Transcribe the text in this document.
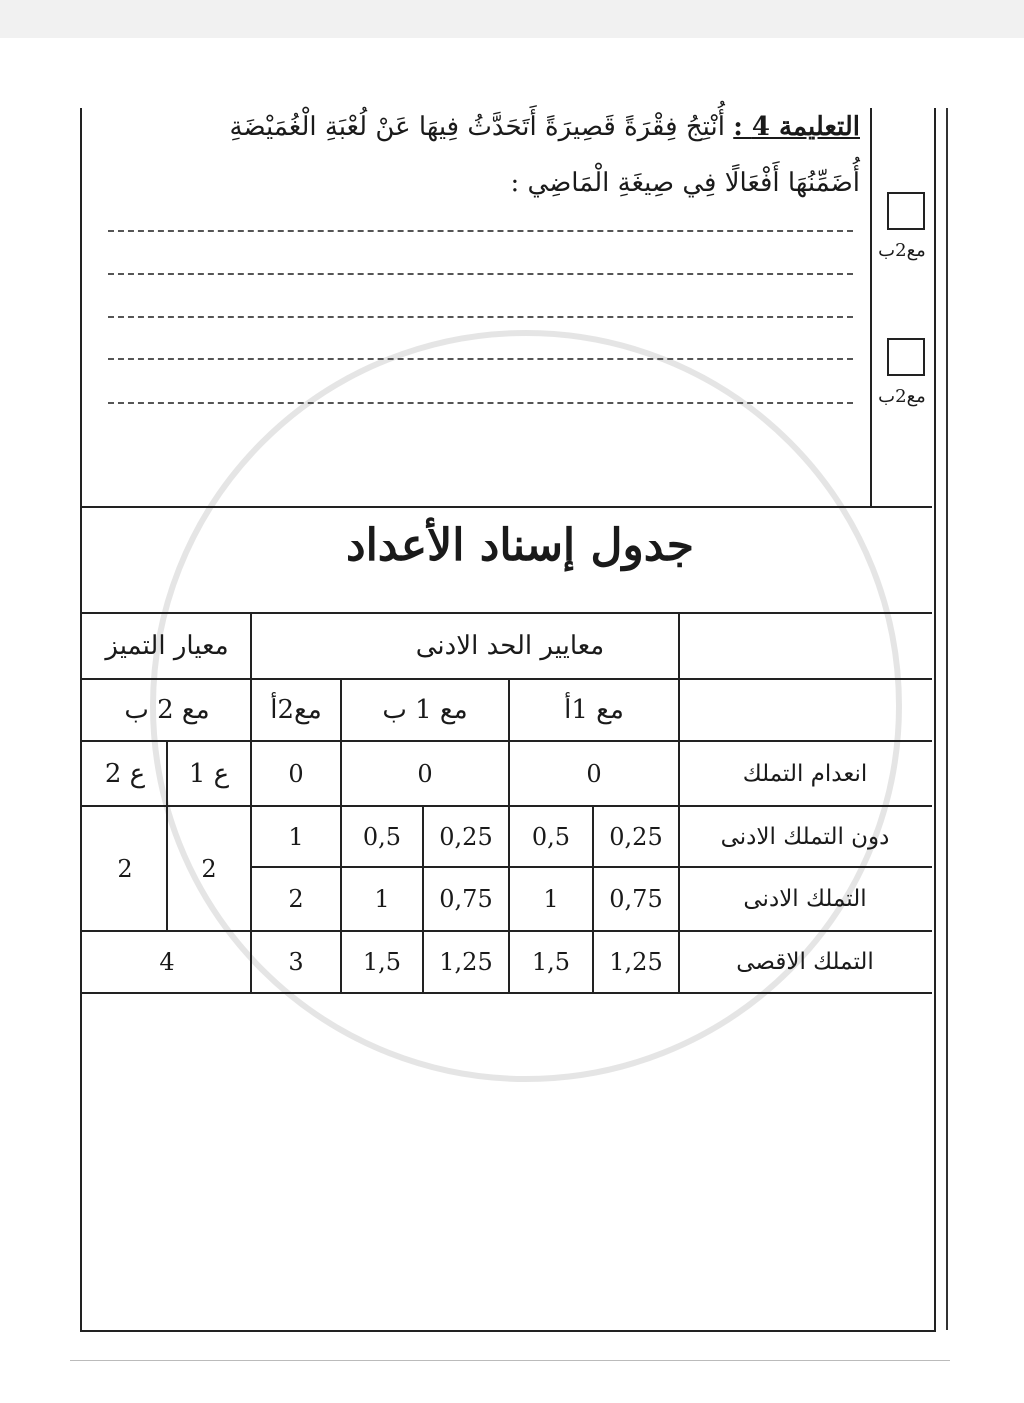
التعليمة 4 : أُنْتِجُ فِقْرَةً قَصِيرَةً أَتَحَدَّثُ فِيهَا عَنْ لُعْبَةِ الْغُمَيْضَةِ
أُضَمِّنُهَا أَفْعَالًا فِي صِيغَةِ الْمَاضِي :
مع2ب
مع2ب
جدول إسناد الأعداد
معايير الحد الادنى
معيار التميز
مع 1أ
مع 1 ب
مع2أ
مع 2 ب
انعدام التملك
0
0
0
ع 1
ع 2
دون التملك الادنى
0,25
0,5
0,25
0,5
1
2
2
التملك الادنى
0,75
1
0,75
1
2
التملك الاقصى
1,25
1,5
1,25
1,5
3
4
